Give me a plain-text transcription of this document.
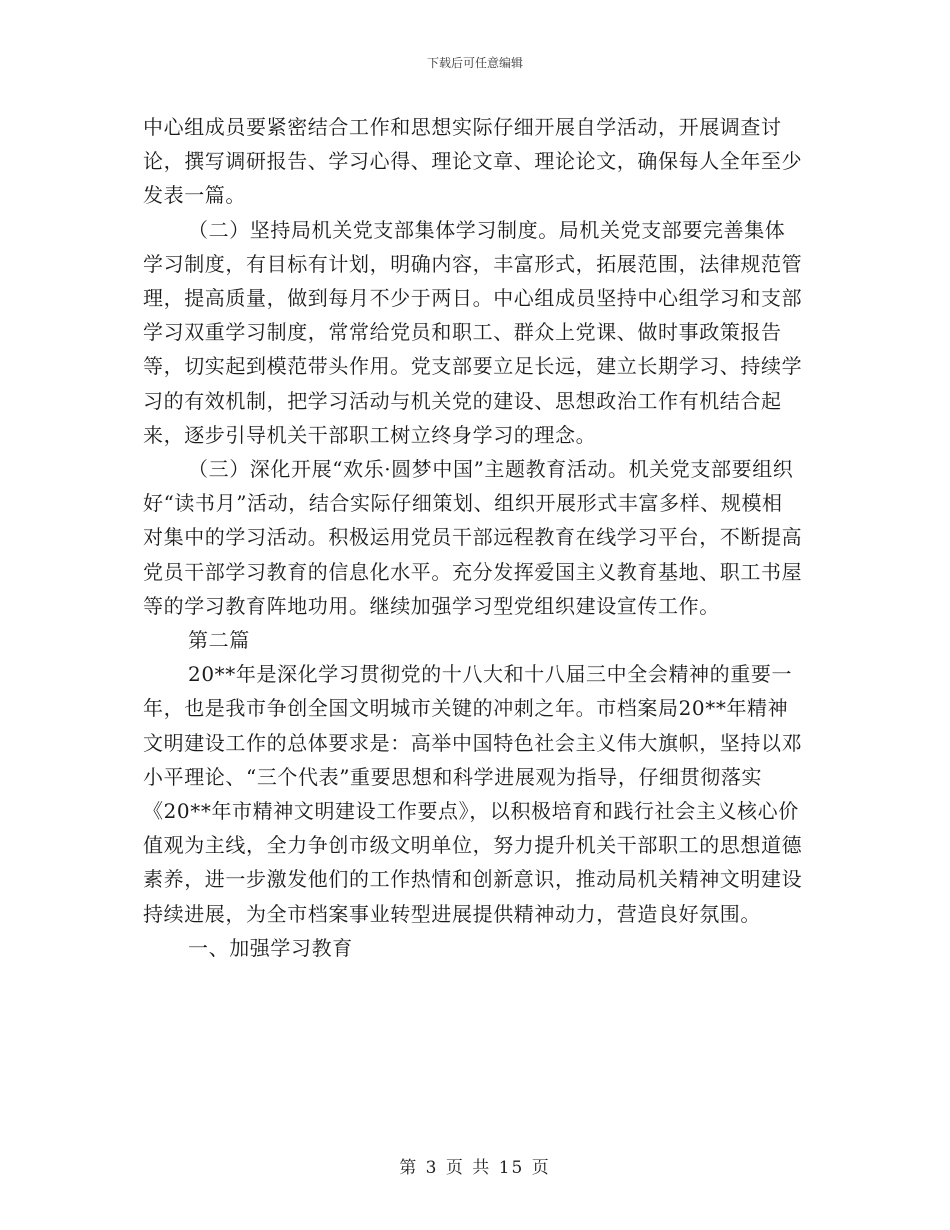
下载后可任意编辑

中心组成员要紧密结合工作和思想实际仔细开展自学活动，开展调查讨论，撰写调研报告、学习心得、理论文章、理论论文，确保每人全年至少发表一篇。

（二）坚持局机关党支部集体学习制度。局机关党支部要完善集体学习制度，有目标有计划，明确内容，丰富形式，拓展范围，法律规范管理，提高质量，做到每月不少于两日。中心组成员坚持中心组学习和支部学习双重学习制度，常常给党员和职工、群众上党课、做时事政策报告等，切实起到模范带头作用。党支部要立足长远，建立长期学习、持续学习的有效机制，把学习活动与机关党的建设、思想政治工作有机结合起来，逐步引导机关干部职工树立终身学习的理念。

（三）深化开展“欢乐·圆梦中国”主题教育活动。机关党支部要组织好“读书月”活动，结合实际仔细策划、组织开展形式丰富多样、规模相对集中的学习活动。积极运用党员干部远程教育在线学习平台，不断提高党员干部学习教育的信息化水平。充分发挥爱国主义教育基地、职工书屋等的学习教育阵地功用。继续加强学习型党组织建设宣传工作。

第二篇

20**年是深化学习贯彻党的十八大和十八届三中全会精神的重要一年，也是我市争创全国文明城市关键的冲刺之年。市档案局20**年精神文明建设工作的总体要求是：高举中国特色社会主义伟大旗帜，坚持以邓小平理论、“三个代表”重要思想和科学进展观为指导，仔细贯彻落实《20**年市精神文明建设工作要点》，以积极培育和践行社会主义核心价值观为主线，全力争创市级文明单位，努力提升机关干部职工的思想道德素养，进一步激发他们的工作热情和创新意识，推动局机关精神文明建设持续进展，为全市档案事业转型进展提供精神动力，营造良好氛围。

一、加强学习教育

第 3 页 共 15 页
